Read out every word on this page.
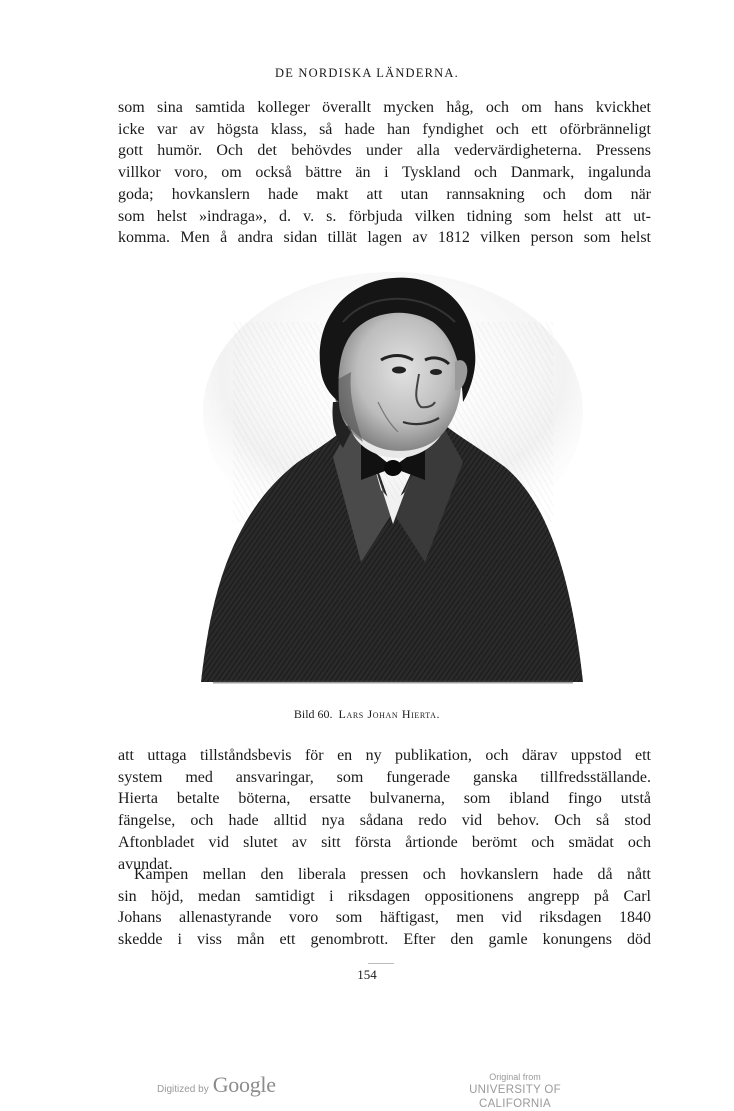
DE NORDISKA LÄNDERNA.
som sina samtida kolleger överallt mycken håg, och om hans kvickhet
icke var av högsta klass, så hade han fyndighet och ett oförbränneligt
gott humör. Och det behövdes under alla vedervärdigheterna. Pressens
villkor voro, om också bättre än i Tyskland och Danmark, ingalunda
goda; hovkanslern hade makt att utan rannsakning och dom när
som helst »indraga», d. v. s. förbjuda vilken tidning som helst att ut-
komma. Men å andra sidan tillät lagen av 1812 vilken person som helst
Bild 60. Lars Johan Hierta.
att uttaga tillståndsbevis för en ny publikation, och därav uppstod ett
system med ansvaringar, som fungerade ganska tillfredsställande.
Hierta betalte böterna, ersatte bulvanerna, som ibland fingo utstå
fängelse, och hade alltid nya sådana redo vid behov. Och så stod
Aftonbladet vid slutet av sitt första årtionde berömt och smädat och
avundat.
Kampen mellan den liberala pressen och hovkanslern hade då nått
sin höjd, medan samtidigt i riksdagen oppositionens angrepp på Carl
Johans allenastyrande voro som häftigast, men vid riksdagen 1840
skedde i viss mån ett genombrott. Efter den gamle konungens död
154
Digitized by Google	Original from
UNIVERSITY OF CALIFORNIA
